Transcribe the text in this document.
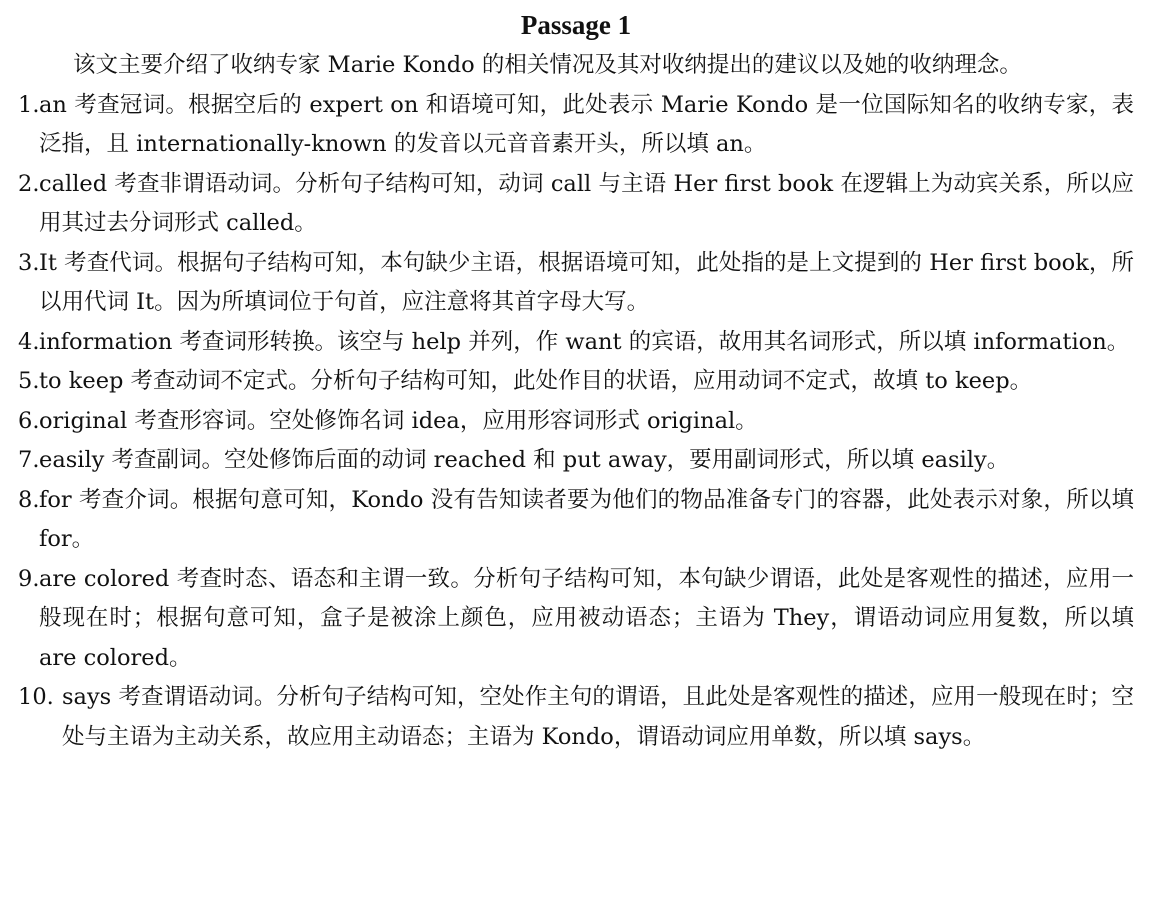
Passage 1

该文主要介绍了收纳专家 Marie Kondo 的相关情况及其对收纳提出的建议以及她的收纳理念。

1. an 考查冠词。根据空后的 expert on 和语境可知，此处表示 Marie Kondo 是一位国际知名的收纳专家，表泛指，且 internationally-known 的发音以元音音素开头，所以填 an。
2. called 考查非谓语动词。分析句子结构可知，动词 call 与主语 Her first book 在逻辑上为动宾关系，所以应用其过去分词形式 called。
3. It 考查代词。根据句子结构可知，本句缺少主语，根据语境可知，此处指的是上文提到的 Her first book，所以用代词 It。因为所填词位于句首，应注意将其首字母大写。
4. information 考查词形转换。该空与 help 并列，作 want 的宾语，故用其名词形式，所以填 information。
5. to keep 考查动词不定式。分析句子结构可知，此处作目的状语，应用动词不定式，故填 to keep。
6. original 考查形容词。空处修饰名词 idea，应用形容词形式 original。
7. easily 考查副词。空处修饰后面的动词 reached 和 put away，要用副词形式，所以填 easily。
8. for 考查介词。根据句意可知，Kondo 没有告知读者要为他们的物品准备专门的容器，此处表示对象，所以填 for。
9. are colored 考查时态、语态和主谓一致。分析句子结构可知，本句缺少谓语，此处是客观性的描述，应用一般现在时；根据句意可知，盒子是被涂上颜色，应用被动语态；主语为 They，谓语动词应用复数，所以填 are colored。
10. says 考查谓语动词。分析句子结构可知，空处作主句的谓语，且此处是客观性的描述，应用一般现在时；空处与主语为主动关系，故应用主动语态；主语为 Kondo，谓语动词应用单数，所以填 says。
